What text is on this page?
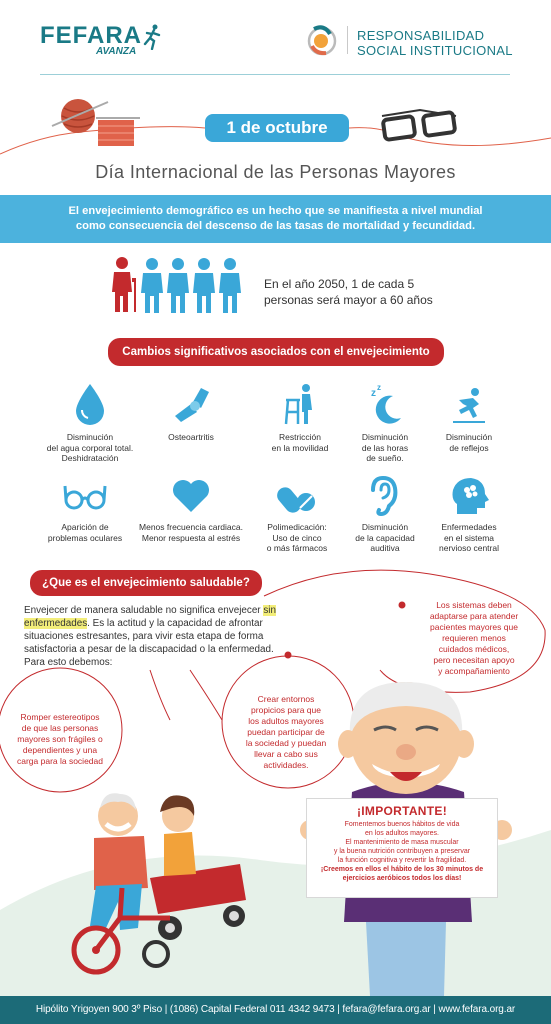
FEFARA
AVANZA
RESPONSABILIDAD
SOCIAL INSTITUCIONAL
1 de octubre
Día Internacional de las Personas Mayores
El envejecimiento demográfico es un hecho que se manifiesta a nivel mundial
como consecuencia del descenso de las tasas de mortalidad y fecundidad.
En el año 2050, 1 de cada 5
personas será mayor a 60 años
Cambios significativos asociados con el envejecimiento
Disminución
del agua corporal total.
Deshidratación
Osteoartritis	Restricción
en la movilidad
z
z
Disminución
de las horas
de sueño.
Disminución
de reflejos
Aparición de
problemas oculares
Menos frecuencia cardiaca.
Menor respuesta al estrés
Polimedicación:
Uso de cinco
o más fármacos
Disminución
de la capacidad
auditiva
Enfermedades
en el sistema
nervioso central
¿Que es el envejecimiento saludable?
Envejecer de manera saludable no significa envejecer sin enfermedades. Es la actitud y la capacidad de afrontar situaciones estresantes, para vivir esta etapa de forma satisfactoria a pesar de la discapacidad o la enfermedad.
Para esto debemos:
Los sistemas deben
adaptarse para atender
pacientes mayores que
requieren menos
cuidados médicos,
pero necesitan apoyo
y acompañamiento
Romper estereotipos
de que las personas
mayores son frágiles o
dependientes y una
carga para la sociedad
Crear entornos
propicios para que
los adultos mayores
puedan participar de
la sociedad y puedan
llevar a cabo sus
actividades.
¡IMPORTANTE!
Fomentemos buenos hábitos de vida
en los adultos mayores.
El mantenimiento de masa muscular
y la buena nutrición contribuyen a preservar
la función cognitiva y revertir la fragilidad.
¡Creemos en ellos el hábito de los 30 minutos de
ejercicios aeróbicos todos los días!
Hipólito Yrigoyen 900 3º Piso | (1086) Capital Federal 011 4342 9473 | fefara@fefara.org.ar | www.fefara.org.ar
